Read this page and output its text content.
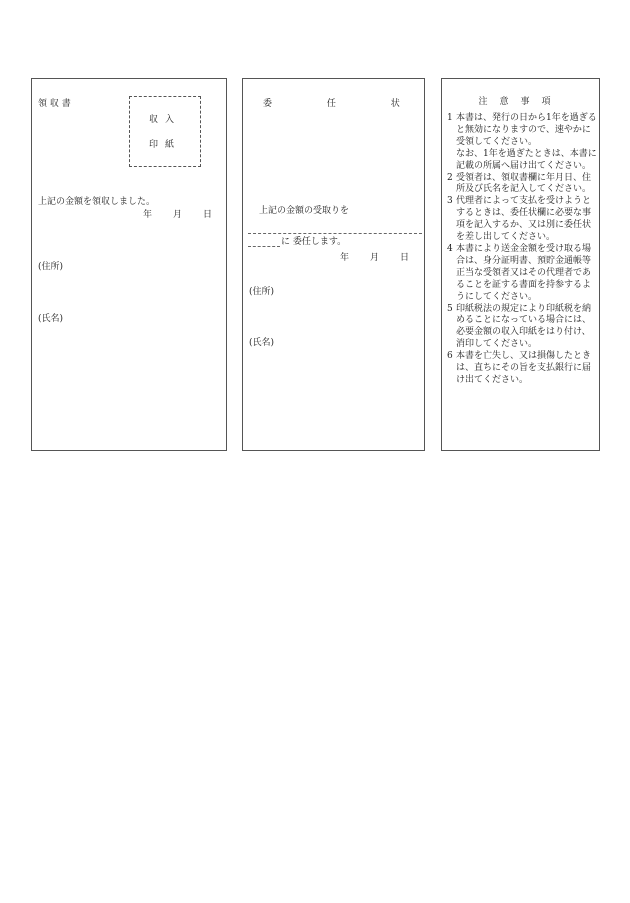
領 収 書
収入
印紙
上記の金額を領収しました。
年 月 日
(住所)
(氏名)
委 任 状
上記の金額の受取りを
に 委任します。
年 月 日
(住所)
(氏名)
注意事項

1 本書は、発行の日から1年を過ぎると無効になりますので、速やかに受領してください。

なお、1年を過ぎたときは、本書に記載の所属へ届け出てください。

2 受領者は、領収書欄に年月日、住所及び氏名を記入してください。

3 代理者によって支払を受けようとするときは、委任状欄に必要な事項を記入するか、又は別に委任状を差し出してください。

4 本書により送金金額を受け取る場合は、身分証明書、預貯金通帳等正当な受領者又はその代理者であることを証する書面を持参するようにしてください。

5 印紙税法の規定により印紙税を納めることになっている場合には、必要金額の収入印紙をはり付け、消印してください。

6 本書を亡失し、又は損傷したときは、直ちにその旨を支払銀行に届け出てください。
